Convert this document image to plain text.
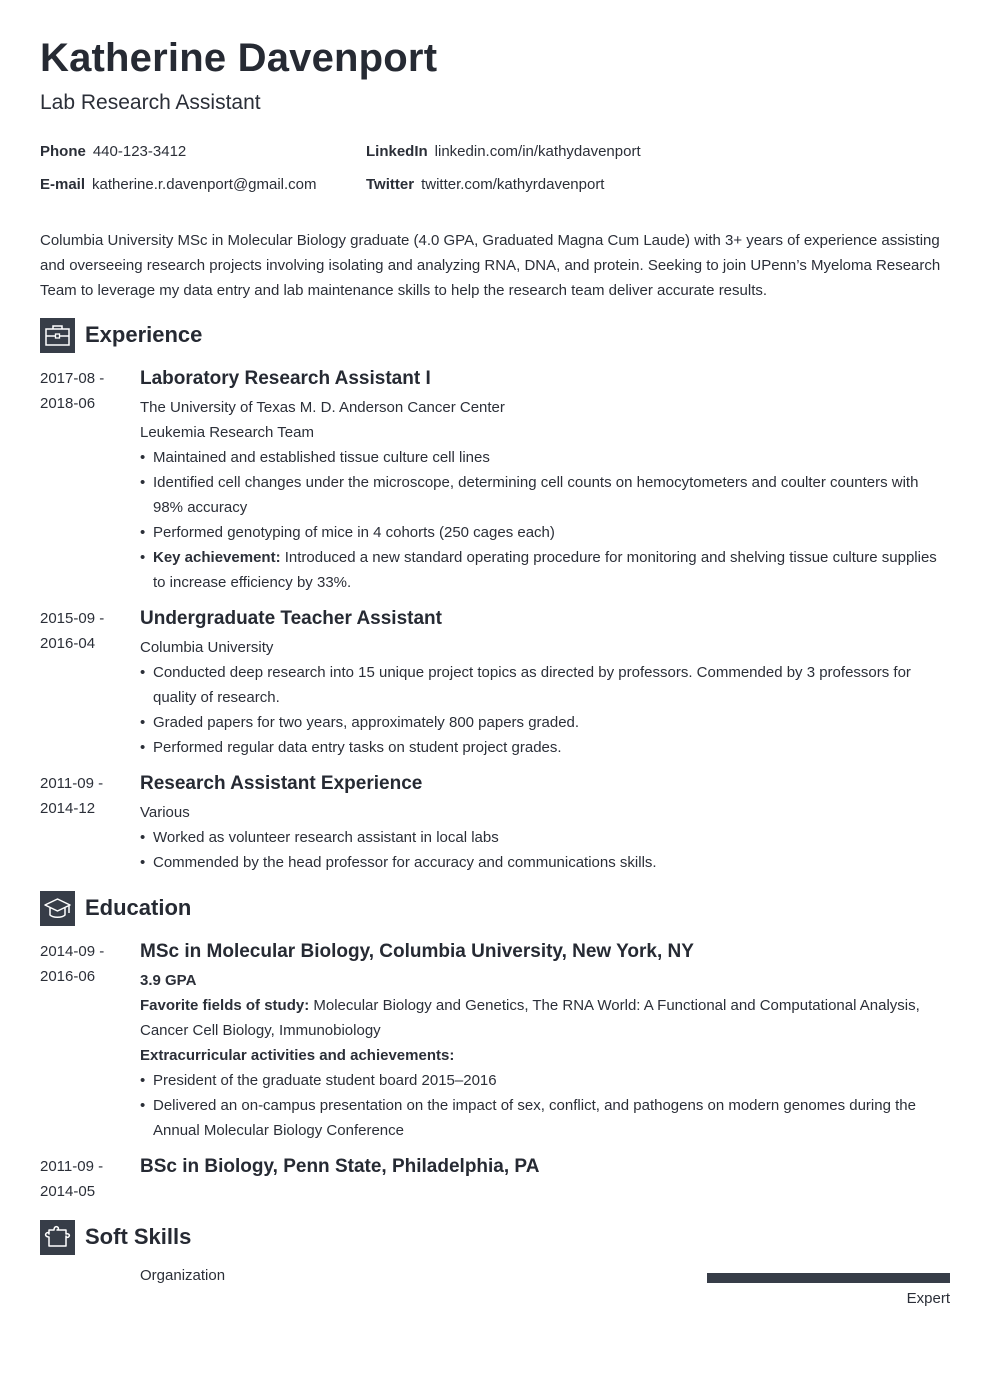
Katherine Davenport
Lab Research Assistant
Phone 440-123-3412
E-mail katherine.r.davenport@gmail.com
LinkedIn linkedin.com/in/kathydavenport
Twitter twitter.com/kathyrdavenport
Columbia University MSc in Molecular Biology graduate (4.0 GPA, Graduated Magna Cum Laude) with 3+ years of experience assisting and overseeing research projects involving isolating and analyzing RNA, DNA, and protein. Seeking to join UPenn’s Myeloma Research Team to leverage my data entry and lab maintenance skills to help the research team deliver accurate results.
Experience
2017-08 -
2018-06
Laboratory Research Assistant I
The University of Texas M. D. Anderson Cancer Center
Leukemia Research Team
• Maintained and established tissue culture cell lines
• Identified cell changes under the microscope, determining cell counts on hemocytometers and coulter counters with 98% accuracy
• Performed genotyping of mice in 4 cohorts (250 cages each)
• Key achievement: Introduced a new standard operating procedure for monitoring and shelving tissue culture supplies to increase efficiency by 33%.
2015-09 -
2016-04
Undergraduate Teacher Assistant
Columbia University
• Conducted deep research into 15 unique project topics as directed by professors. Commended by 3 professors for quality of research.
• Graded papers for two years, approximately 800 papers graded.
• Performed regular data entry tasks on student project grades.
2011-09 -
2014-12
Research Assistant Experience
Various
• Worked as volunteer research assistant in local labs
• Commended by the head professor for accuracy and communications skills.
Education
2014-09 -
2016-06
MSc in Molecular Biology, Columbia University, New York, NY
3.9 GPA
Favorite fields of study: Molecular Biology and Genetics, The RNA World: A Functional and Computational Analysis, Cancer Cell Biology, Immunobiology
Extracurricular activities and achievements:
• President of the graduate student board 2015–2016
• Delivered an on-campus presentation on the impact of sex, conflict, and pathogens on modern genomes during the Annual Molecular Biology Conference
2011-09 -
2014-05
BSc in Biology, Penn State, Philadelphia, PA
Soft Skills
Organization
Expert
